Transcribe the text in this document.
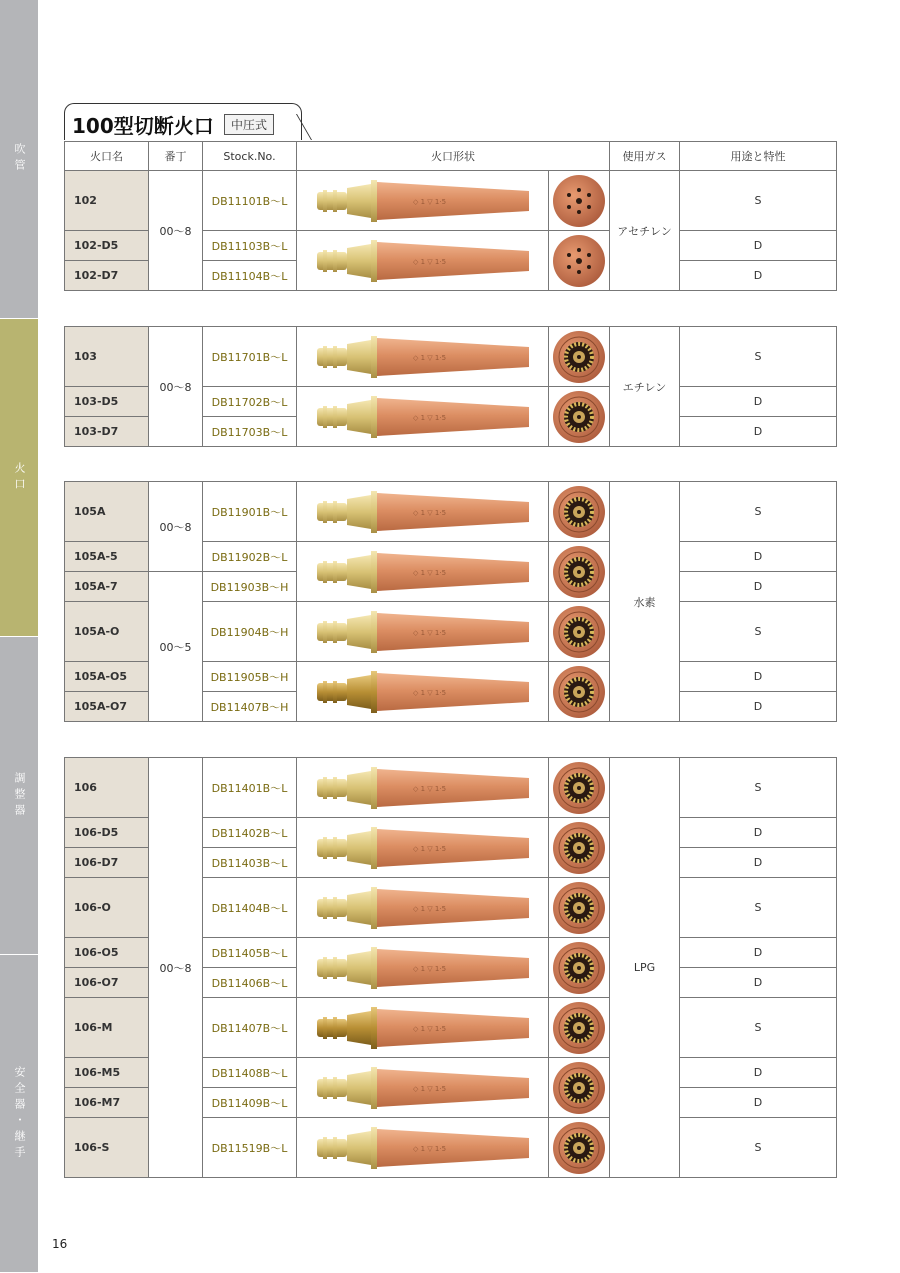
吹管
火口
調整器
安全器・継手
100型切断火口	中圧式
火口名	番丁	Stock.No.	火口形状		使用ガス	用途と特性
102	00〜8	DB11101B〜L			アセチレン	S
102-D5		DB11103B〜L				D
102-D7		DB11104B〜L				D
103	00〜8	DB11701B〜L			エチレン	S
103-D5		DB11702B〜L				D
103-D7		DB11703B〜L				D
105A	00〜8	DB11901B〜L			水素	S
105A-5		DB11902B〜L				D
105A-7	00〜5	DB11903B〜H				D
105A-O		DB11904B〜H				S
105A-O5		DB11905B〜H				D
105A-O7		DB11407B〜H				D
106	00〜8	DB11401B〜L			LPG	S
106-D5		DB11402B〜L				D
106-D7		DB11403B〜L				D
106-O		DB11404B〜L				S
106-O5		DB11405B〜L				D
106-O7		DB11406B〜L				D
106-M		DB11407B〜L				S
106-M5		DB11408B〜L				D
106-M7		DB11409B〜L				D
106-S		DB11519B〜L				S
16
